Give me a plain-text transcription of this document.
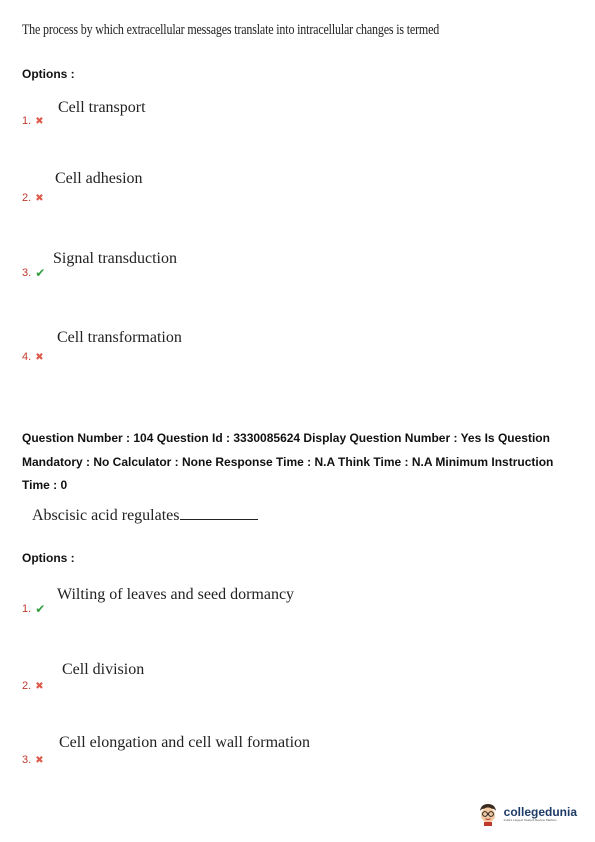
The process by which extracellular messages translate into intracellular changes is termed
Options :
Cell transport
1. ✖
Cell adhesion
2. ✖
Signal transduction
3. ✔
Cell transformation
4. ✖
Question Number : 104 Question Id : 3330085624 Display Question Number : Yes Is Question Mandatory : No Calculator : None Response Time : N.A Think Time : N.A Minimum Instruction Time : 0
Abscisic acid regulates
Options :
Wilting of leaves and seed dormancy
1. ✔
Cell division
2. ✖
Cell elongation and cell wall formation
3. ✖
collegedunia
India's Largest Student Review Platform
